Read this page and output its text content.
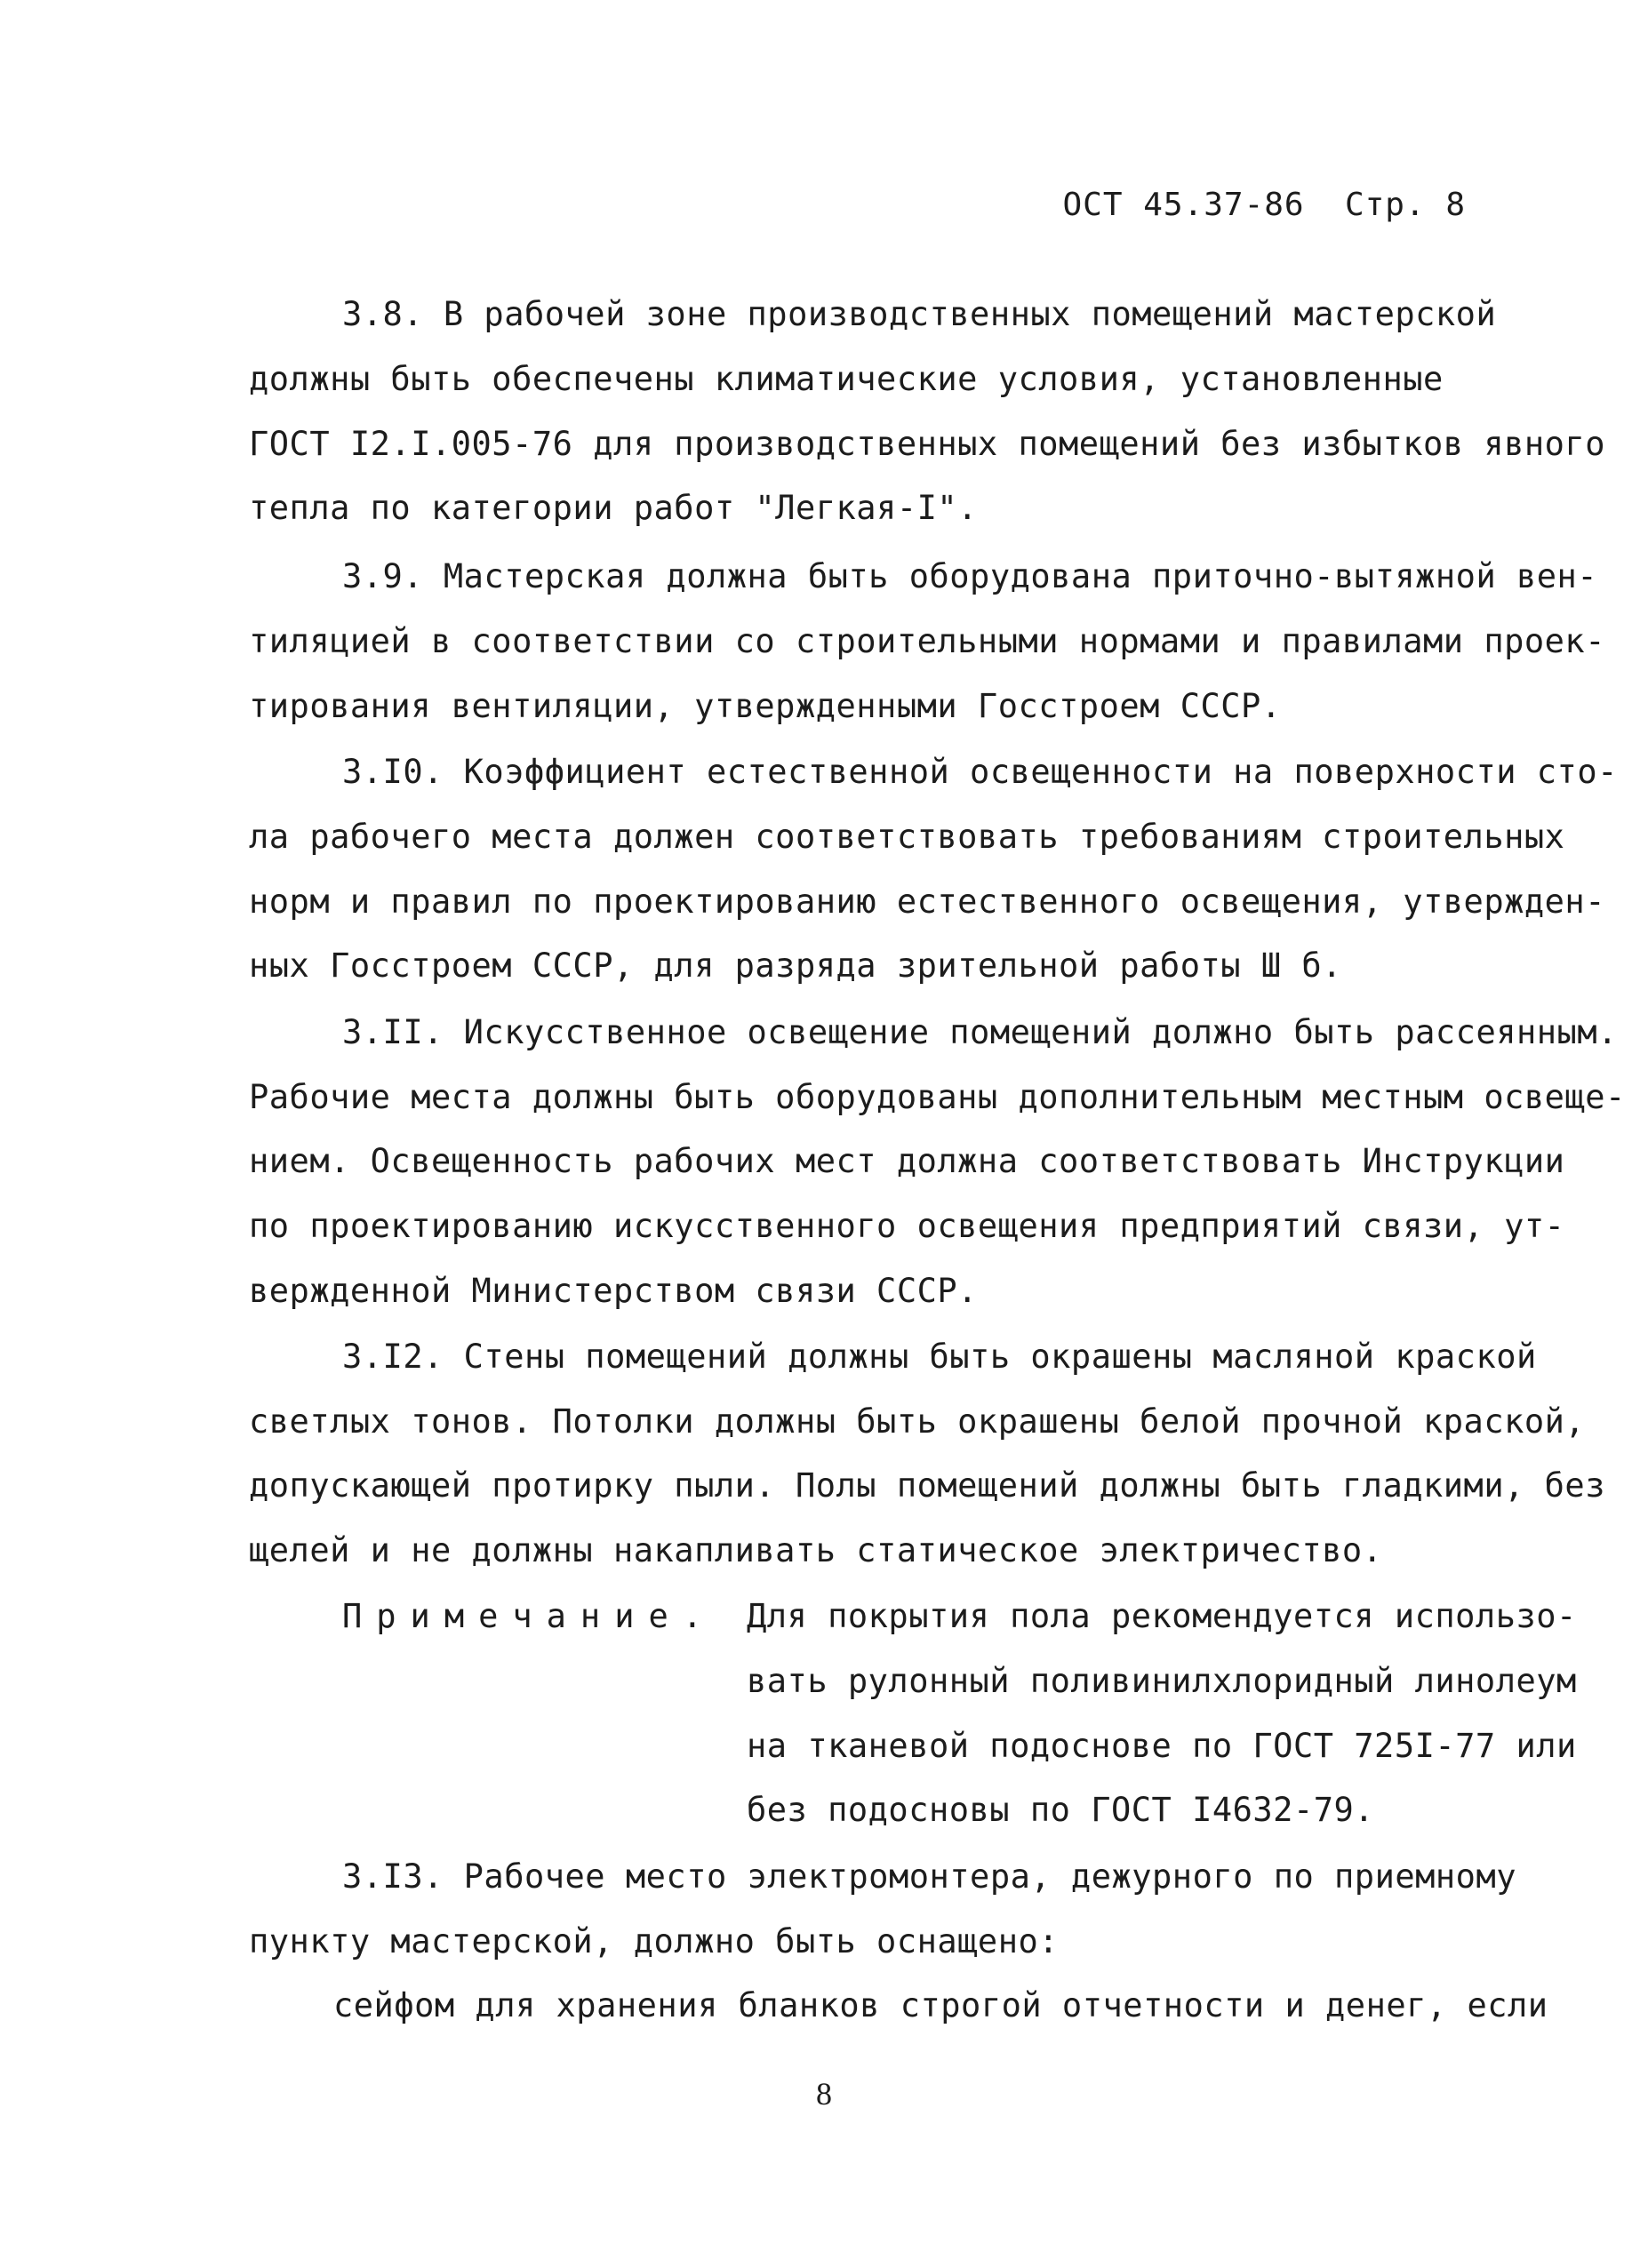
ОСТ 45.37-86 Стр. 8
3.8. В рабочей зоне производственных помещений мастерской
должны быть обеспечены климатические условия, установленные
ГОСТ I2.I.005-76 для производственных помещений без избытков явного
тепла по категории работ "Легкая-I".
3.9. Мастерская должна быть оборудована приточно-вытяжной вен-
тиляцией в соответствии со строительными нормами и правилами проек-
тирования вентиляции, утвержденными Госстроем СССР.
3.I0. Коэффициент естественной освещенности на поверхности сто-
ла рабочего места должен соответствовать требованиям строительных
норм и правил по проектированию естественного освещения, утвержден-
ных Госстроем СССР, для разряда зрительной работы Ш б.
3.II. Искусственное освещение помещений должно быть рассеянным.
Рабочие места должны быть оборудованы дополнительным местным освеще-
нием. Освещенность рабочих мест должна соответствовать Инструкции
по проектированию искусственного освещения предприятий связи, ут-
вержденной Министерством связи СССР.
3.I2. Стены помещений должны быть окрашены масляной краской
светлых тонов. Потолки должны быть окрашены белой прочной краской,
допускающей протирку пыли. Полы помещений должны быть гладкими, без
щелей и не должны накапливать статическое электричество.
Примечание. Для покрытия пола рекомендуется использо-
вать рулонный поливинилхлоридный линолеум
на тканевой подоснове по ГОСТ 725I-77 или
без подосновы по ГОСТ I4632-79.
3.I3. Рабочее место электромонтера, дежурного по приемному
пункту мастерской, должно быть оснащено:
сейфом для хранения бланков строгой отчетности и денег, если
8
